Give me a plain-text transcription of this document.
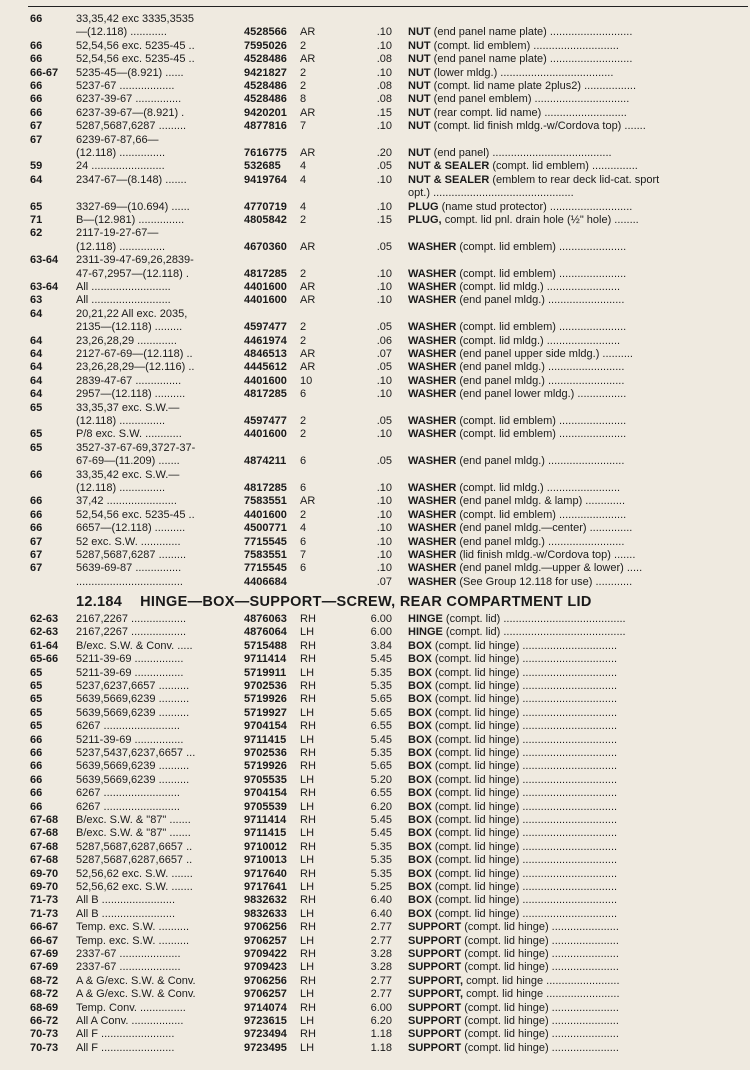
66	33,35,42 exc 3335,3535
—(12.118) ............	4528566	AR	.10 NUT (end panel name plate) ...........................
66	52,54,56 exc. 5235-45 ..	7595026	2	.10 NUT (compt. lid emblem) ............................
66	52,54,56 exc. 5235-45 ..	4528486	AR	.08 NUT (end panel name plate) ...........................
66-67	5235-45—(8.921) ......	9421827	2	.10 NUT (lower mldg.) .....................................
66	5237-67 ..................	4528486	2	.08 NUT (compt. lid name plate 2plus2) .................
66	6237-39-67 ...............	4528486	8	.08 NUT (end panel emblem) ...............................
66	6237-39-67—(8.921) .	9420201	AR	.15 NUT (rear compt. lid name) ...........................
67	5287,5687,6287 .........	4877816	7	.10 NUT (compt. lid finish mldg.-w/Cordova top) .......
67	6239-67-87,66—
(12.118) ...............	7616775	AR	.20 NUT (end panel) .......................................
59	24 ........................	532685	4	.05 NUT & SEALER (compt. lid emblem) ...............
64	2347-67—(8.148) .......	9419764	4	.10 NUT & SEALER (emblem to rear deck lid-cat. sport
opt.) ..............................................
65	3327-69—(10.694) ......	4770719	4	.10 PLUG (name stud protector) ...........................
71	B—(12.981) ...............	4805842	2	.15 PLUG, compt. lid pnl. drain hole (½" hole) ........
62	2117-19-27-67—
(12.118) ...............	4670360	AR	.05 WASHER (compt. lid emblem) ......................
63-64	2311-39-47-69,26,2839-
47-67,2957—(12.118) .	4817285	2	.10 WASHER (compt. lid emblem) ......................
63-64	All ..........................	4401600	AR	.10 WASHER (compt. lid mldg.) ........................
63	All ..........................	4401600	AR	.10 WASHER (end panel mldg.) .........................
64	20,21,22 All exc. 2035,
2135—(12.118) .........	4597477	2	.05 WASHER (compt. lid emblem) ......................
64	23,26,28,29 .............	4461974	2	.06 WASHER (compt. lid mldg.) ........................
64	2127-67-69—(12.118) ..	4846513	AR	.07 WASHER (end panel upper side mldg.) ..........
64	23,26,28,29—(12.116) ..	4445612	AR	.05 WASHER (end panel mldg.) .........................
64	2839-47-67 ...............	4401600	10	.10 WASHER (end panel mldg.) .........................
64	2957—(12.118) ..........	4817285	6	.10 WASHER (end panel lower mldg.) ................
65	33,35,37 exc. S.W.—
(12.118) ...............	4597477	2	.05 WASHER (compt. lid emblem) ......................
65	P/8 exc. S.W. ............	4401600	2	.10 WASHER (compt. lid emblem) ......................
65	3527-37-67-69,3727-37-
67-69—(11.209) .......	4874211	6	.05 WASHER (end panel mldg.) .........................
66	33,35,42 exc. S.W.—
(12.118) ...............	4817285	6	.10 WASHER (compt. lid mldg.) ........................
66	37,42 .......................	7583551	AR	.10 WASHER (end panel mldg. & lamp) .............
66	52,54,56 exc. 5235-45 ..	4401600	2	.10 WASHER (compt. lid emblem) ......................
66	6657—(12.118) ..........	4500771	4	.10 WASHER (end panel mldg.—center) ..............
67	52 exc. S.W. .............	7715545	6	.10 WASHER (end panel mldg.) .........................
67	5287,5687,6287 .........	7583551	7	.10 WASHER (lid finish mldg.-w/Cordova top) .......
67	5639-69-87 ...............	7715545	6	.10 WASHER (end panel mldg.—upper & lower) .....
...................................	4406684	.07 WASHER (See Group 12.118 for use) ............
12.184 HINGE—BOX—SUPPORT—SCREW, REAR COMPARTMENT LID
62-63	2167,2267 ..................	4876063	RH	6.00 HINGE (compt. lid) ........................................
62-63	2167,2267 ..................	4876064	LH	6.00 HINGE (compt. lid) ........................................
61-64	B/exc. S.W. & Conv. .....	5715488	RH	3.84 BOX (compt. lid hinge) ...............................
65-66	5211-39-69 ................	9711414	RH	5.45 BOX (compt. lid hinge) ...............................
65	5211-39-69 ................	5719911	LH	5.35 BOX (compt. lid hinge) ...............................
65	5237,6237,6657 ..........	9702536	RH	5.35 BOX (compt. lid hinge) ...............................
65	5639,5669,6239 ..........	5719926	RH	5.65 BOX (compt. lid hinge) ...............................
65	5639,5669,6239 ..........	5719927	LH	5.65 BOX (compt. lid hinge) ...............................
65	6267 .........................	9704154	RH	6.55 BOX (compt. lid hinge) ...............................
66	5211-39-69 ................	9711415	LH	5.45 BOX (compt. lid hinge) ...............................
66	5237,5437,6237,6657 ...	9702536	RH	5.35 BOX (compt. lid hinge) ...............................
66	5639,5669,6239 ..........	5719926	RH	5.65 BOX (compt. lid hinge) ...............................
66	5639,5669,6239 ..........	9705535	LH	5.20 BOX (compt. lid hinge) ...............................
66	6267 .........................	9704154	RH	6.55 BOX (compt. lid hinge) ...............................
66	6267 .........................	9705539	LH	6.20 BOX (compt. lid hinge) ...............................
67-68	B/exc. S.W. & "87" .......	9711414	RH	5.45 BOX (compt. lid hinge) ...............................
67-68	B/exc. S.W. & "87" .......	9711415	LH	5.45 BOX (compt. lid hinge) ...............................
67-68	5287,5687,6287,6657 ..	9710012	RH	5.35 BOX (compt. lid hinge) ...............................
67-68	5287,5687,6287,6657 ..	9710013	LH	5.35 BOX (compt. lid hinge) ...............................
69-70	52,56,62 exc. S.W. .......	9717640	RH	5.35 BOX (compt. lid hinge) ...............................
69-70	52,56,62 exc. S.W. .......	9717641	LH	5.25 BOX (compt. lid hinge) ...............................
71-73	All B ........................	9832632	RH	6.40 BOX (compt. lid hinge) ...............................
71-73	All B ........................	9832633	LH	6.40 BOX (compt. lid hinge) ...............................
66-67	Temp. exc. S.W. ..........	9706256	RH	2.77 SUPPORT (compt. lid hinge) ......................
66-67	Temp. exc. S.W. ..........	9706257	LH	2.77 SUPPORT (compt. lid hinge) ......................
67-69	2337-67 ....................	9709422	RH	3.28 SUPPORT (compt. lid hinge) ......................
67-69	2337-67 ....................	9709423	LH	3.28 SUPPORT (compt. lid hinge) ......................
68-72	A & G/exc. S.W. & Conv.	9706256	RH	2.77 SUPPORT, compt. lid hinge ........................
68-72	A & G/exc. S.W. & Conv.	9706257	LH	2.77 SUPPORT, compt. lid hinge ........................
68-69	Temp. Conv. ...............	9714074	RH	6.00 SUPPORT (compt. lid hinge) ......................
66-72	All A Conv. .................	9723615	LH	6.20 SUPPORT (compt. lid hinge) ......................
70-73	All F ........................	9723494	RH	1.18 SUPPORT (compt. lid hinge) ......................
70-73	All F ........................	9723495	LH	1.18 SUPPORT (compt. lid hinge) ......................
